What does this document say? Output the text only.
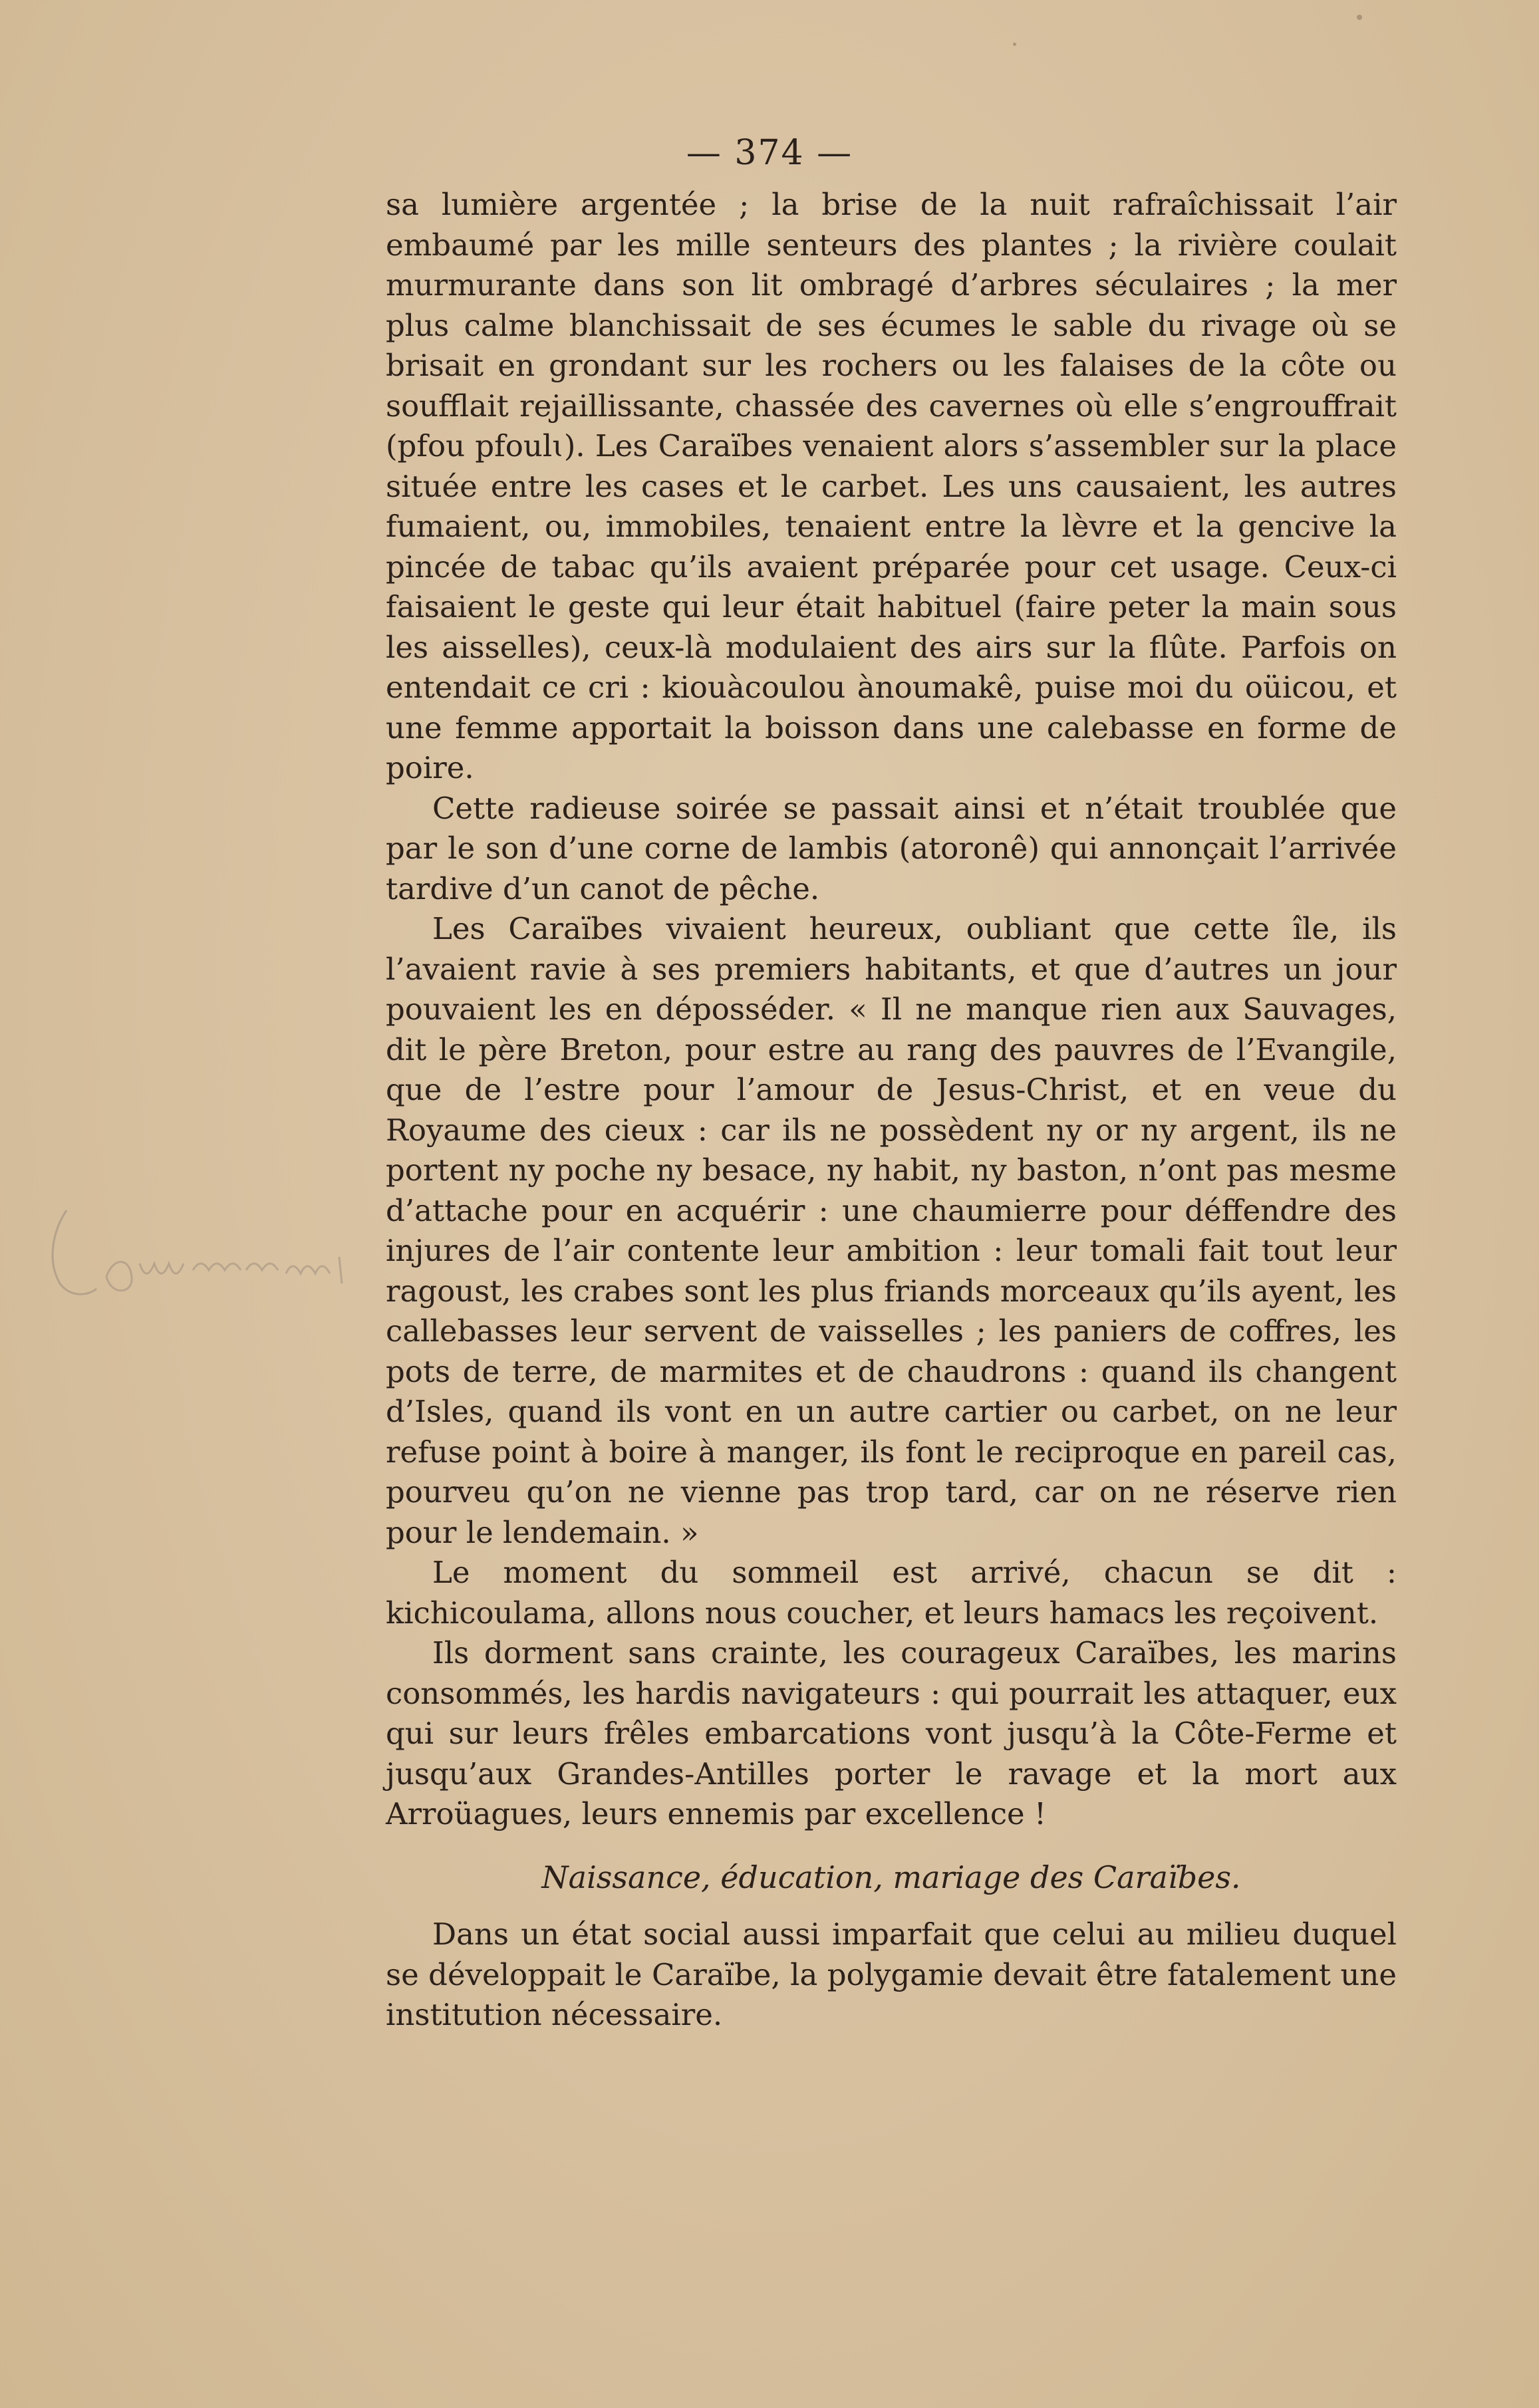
— 374 —

sa lumière argentée ; la brise de la nuit rafraîchissait l’air embaumé par les mille senteurs des plantes ; la rivière coulait murmurante dans son lit ombragé d’arbres séculaires ; la mer plus calme blanchissait de ses écumes le sable du rivage où se brisait en grondant sur les rochers ou les falaises de la côte ou soufflait rejaillissante, chassée des cavernes où elle s’engrouffrait (pfou pfoulɩ). Les Caraïbes venaient alors s’assembler sur la place située entre les cases et le carbet. Les uns causaient, les autres fumaient, ou, immobiles, tenaient entre la lèvre et la gencive la pincée de tabac qu’ils avaient préparée pour cet usage. Ceux-ci faisaient le geste qui leur était habituel (faire peter la main sous les aisselles), ceux-là modulaient des airs sur la flûte. Parfois on entendait ce cri : kiouàcoulou ànoumakê, puise moi du oüicou, et une femme apportait la boisson dans une calebasse en forme de poire.

Cette radieuse soirée se passait ainsi et n’était troublée que par le son d’une corne de lambis (atoronê) qui annonçait l’arrivée tardive d’un canot de pêche.

Les Caraïbes vivaient heureux, oubliant que cette île, ils l’avaient ravie à ses premiers habitants, et que d’autres un jour pouvaient les en déposséder. « Il ne manque rien aux Sauvages, dit le père Breton, pour estre au rang des pauvres de l’Evangile, que de l’estre pour l’amour de Jesus-Christ, et en veue du Royaume des cieux : car ils ne possèdent ny or ny argent, ils ne portent ny poche ny besace, ny habit, ny baston, n’ont pas mesme d’attache pour en acquérir : une chaumierre pour déffendre des injures de l’air contente leur ambition : leur tomali fait tout leur ragoust, les crabes sont les plus friands morceaux qu’ils ayent, les callebasses leur servent de vaisselles ; les paniers de coffres, les pots de terre, de marmites et de chaudrons : quand ils changent d’Isles, quand ils vont en un autre cartier ou carbet, on ne leur refuse point à boire à manger, ils font le reciproque en pareil cas, pourveu qu’on ne vienne pas trop tard, car on ne réserve rien pour le lendemain. »

Le moment du sommeil est arrivé, chacun se dit : kichicoulama, allons nous coucher, et leurs hamacs les reçoivent.

Ils dorment sans crainte, les courageux Caraïbes, les marins consommés, les hardis navigateurs : qui pourrait les attaquer, eux qui sur leurs frêles embarcations vont jusqu’à la Côte-Ferme et jusqu’aux Grandes-Antilles porter le ravage et la mort aux Arroüagues, leurs ennemis par excellence !

Naissance, éducation, mariage des Caraïbes.

Dans un état social aussi imparfait que celui au milieu duquel se développait le Caraïbe, la polygamie devait être fatalement une institution nécessaire.
